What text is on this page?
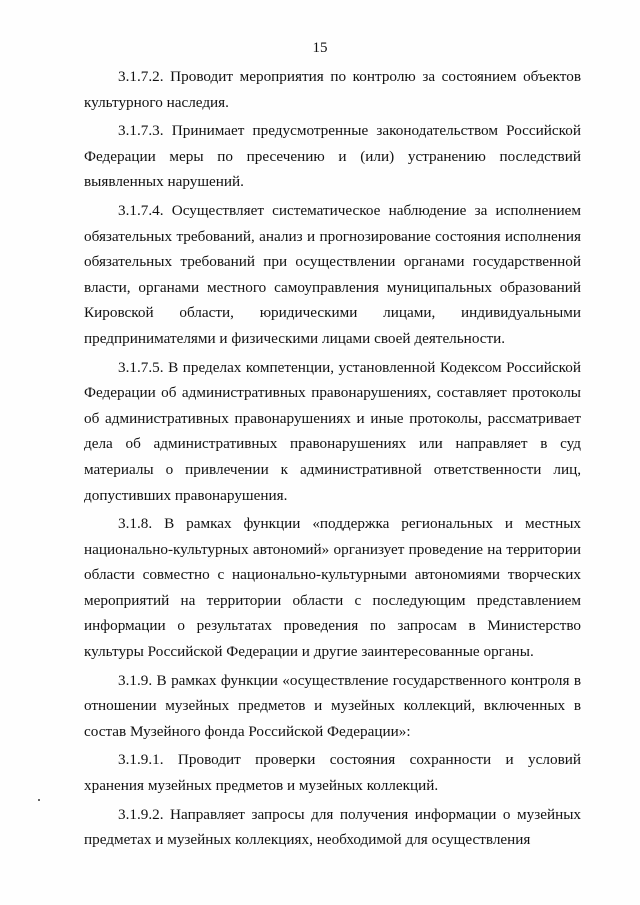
15

3.1.7.2. Проводит мероприятия по контролю за состоянием объектов культурного наследия.

3.1.7.3. Принимает предусмотренные законодательством Российской Федерации меры по пресечению и (или) устранению последствий выявленных нарушений.

3.1.7.4. Осуществляет систематическое наблюдение за исполнением обязательных требований, анализ и прогнозирование состояния исполнения обязательных требований при осуществлении органами государственной власти, органами местного самоуправления муниципальных образований Кировской области, юридическими лицами, индивидуальными предпринимателями и физическими лицами своей деятельности.

3.1.7.5. В пределах компетенции, установленной Кодексом Российской Федерации об административных правонарушениях, составляет протоколы об административных правонарушениях и иные протоколы, рассматривает дела об административных правонарушениях или направляет в суд материалы о привлечении к административной ответственности лиц, допустивших правонарушения.

3.1.8. В рамках функции «поддержка региональных и местных национально-культурных автономий» организует проведение на территории области совместно с национально-культурными автономиями творческих мероприятий на территории области с последующим представлением информации о результатах проведения по запросам в Министерство культуры Российской Федерации и другие заинтересованные органы.

3.1.9. В рамках функции «осуществление государственного контроля в отношении музейных предметов и музейных коллекций, включенных в состав Музейного фонда Российской Федерации»:

3.1.9.1. Проводит проверки состояния сохранности и условий хранения музейных предметов и музейных коллекций.

3.1.9.2. Направляет запросы для получения информации о музейных предметах и музейных коллекциях, необходимой для осуществления
